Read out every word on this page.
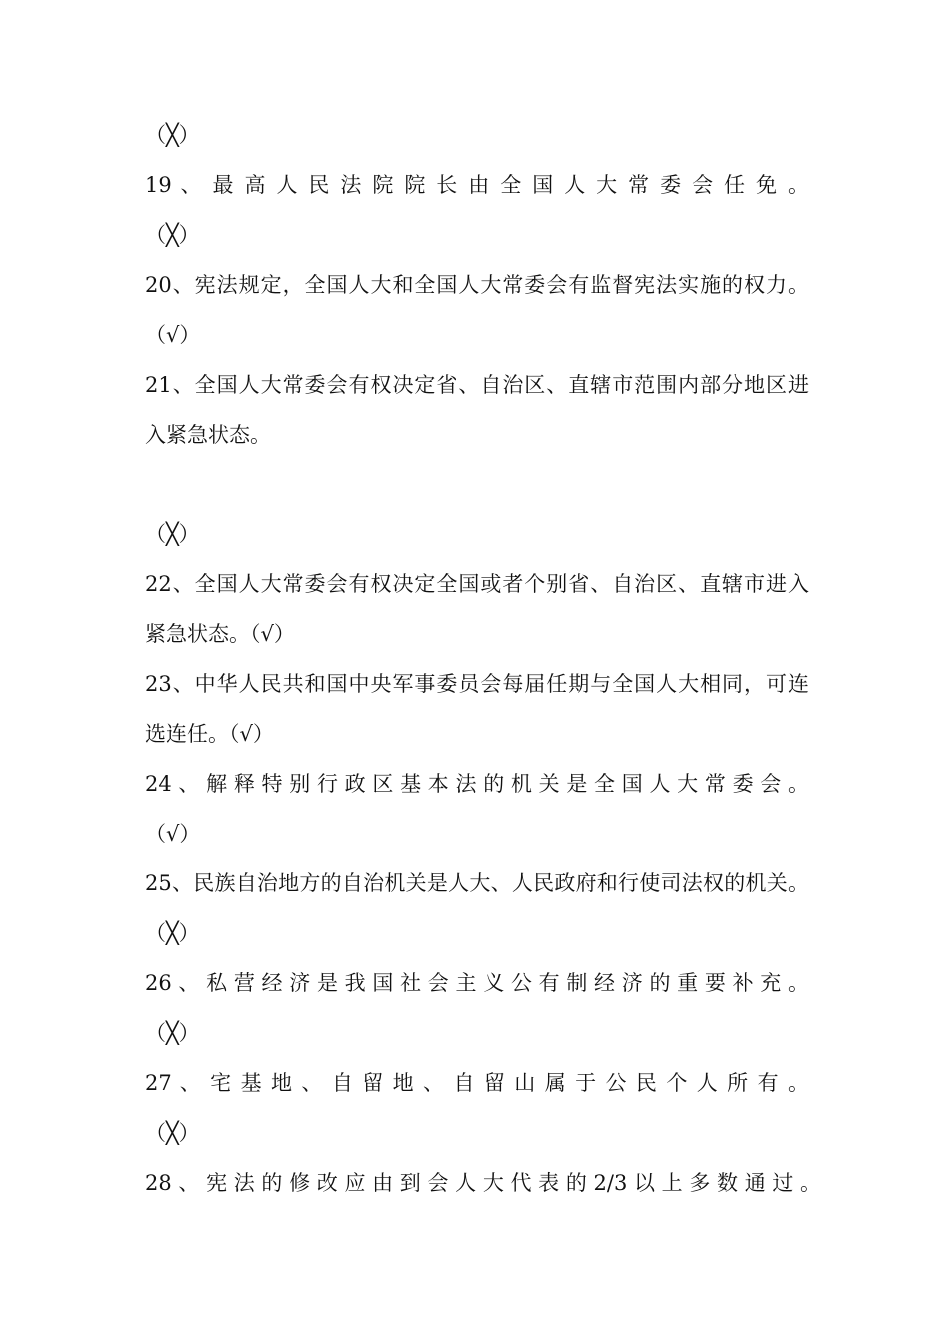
（╳）
19 、 最 高 人 民 法 院 院 长 由 全 国 人 大 常 委 会 任 免 。
（╳）
20、宪法规定，全国人大和全国人大常委会有监督宪法实施的权力。
（√）
21、全国人大常委会有权决定省、自治区、直辖市范围内部分地区进
入紧急状态。
（╳）
22、全国人大常委会有权决定全国或者个别省、自治区、直辖市进入
紧急状态。（√）
23、中华人民共和国中央军事委员会每届任期与全国人大相同，可连
选连任。（√）
24 、 解 释 特 别 行 政 区 基 本 法 的 机 关 是 全 国 人 大 常 委 会 。
（√）
25、民族自治地方的自治机关是人大、人民政府和行使司法权的机关。
（╳）
26 、 私 营 经 济 是 我 国 社 会 主 义 公 有 制 经 济 的 重 要 补 充 。
（╳）
27 、 宅 基 地 、 自 留 地 、 自 留 山 属 于 公 民 个 人 所 有 。
（╳）
28 、 宪 法 的 修 改 应 由 到 会 人 大 代 表 的 2/3 以 上 多 数 通 过 。
